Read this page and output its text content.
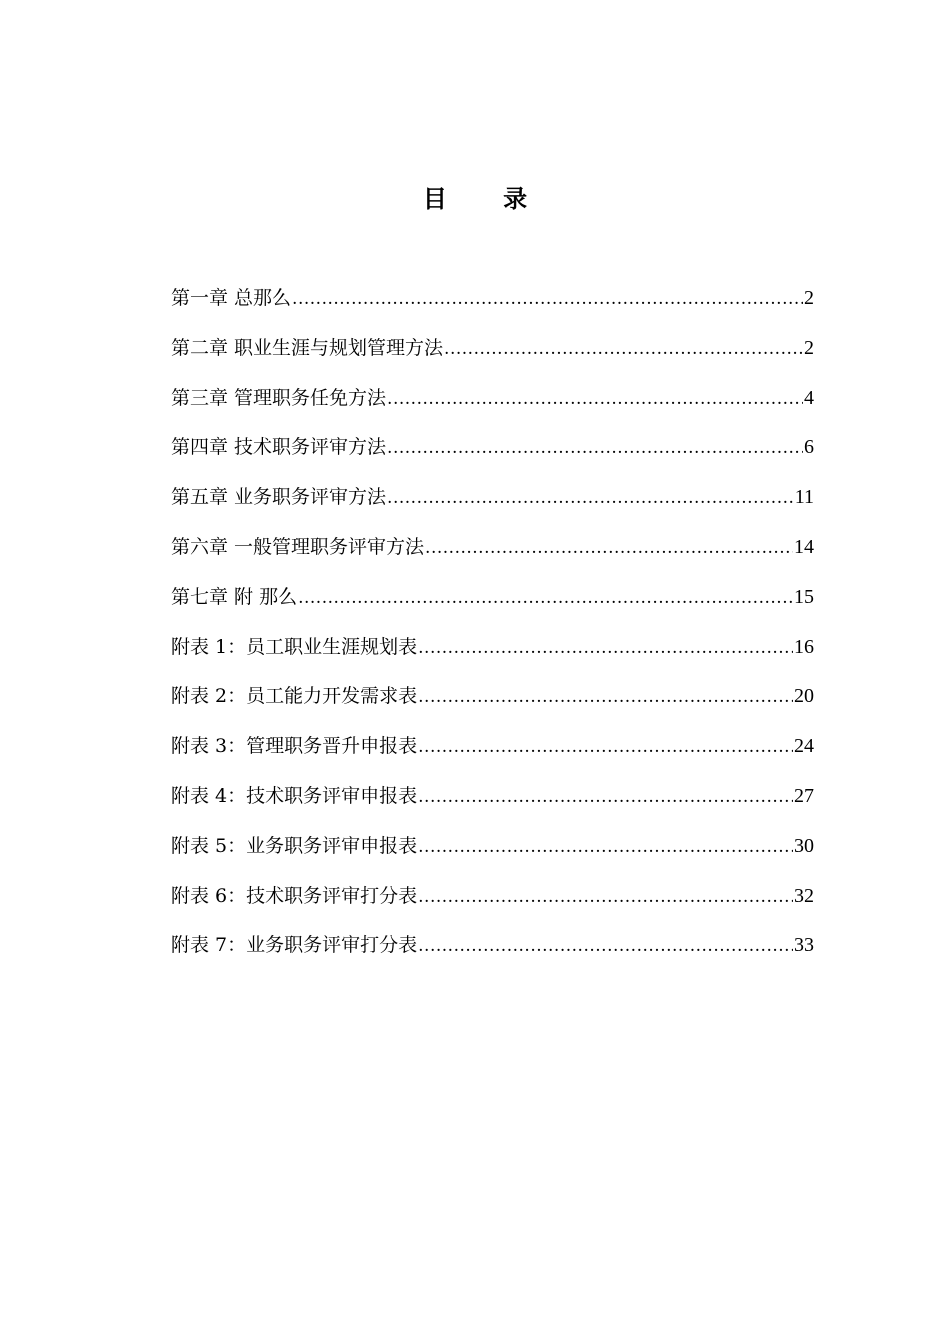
目 录
第一章 总那么 .....	2
第二章 职业生涯与规划管理方法 .....	2
第三章 管理职务任免方法 .....	4
第四章 技术职务评审方法 .....	6
第五章 业务职务评审方法 .....	11
第六章 一般管理职务评审方法 .....	14
第七章 附 那么 .....	15
附表 1：员工职业生涯规划表 .....	16
附表 2：员工能力开发需求表 .....	20
附表 3：管理职务晋升申报表 .....	24
附表 4：技术职务评审申报表 .....	27
附表 5：业务职务评审申报表 .....	30
附表 6：技术职务评审打分表 .....	32
附表 7：业务职务评审打分表 .....	33
